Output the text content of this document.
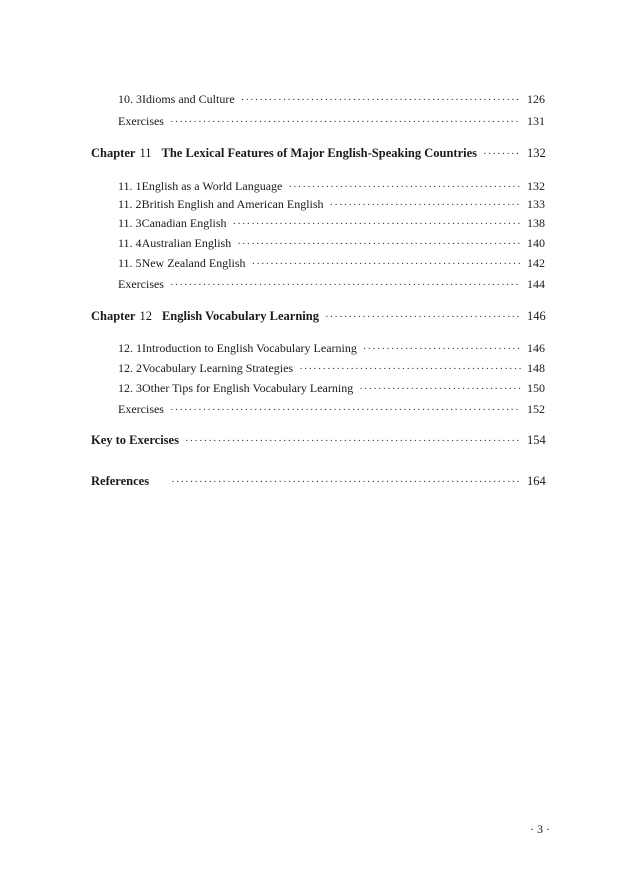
10. 3 Idioms and Culture ·····	126
Exercises ·····	131
Chapter 11 The Lexical Features of Major English-Speaking Countries ·····	132
11. 1 English as a World Language ·····	132
11. 2 British English and American English ·····	133
11. 3 Canadian English ·····	138
11. 4 Australian English ·····	140
11. 5 New Zealand English ·····	142
Exercises ·····	144
Chapter 12 English Vocabulary Learning ·····	146
12. 1 Introduction to English Vocabulary Learning ·····	146
12. 2 Vocabulary Learning Strategies ·····	148
12. 3 Other Tips for English Vocabulary Learning ·····	150
Exercises ·····	152
Key to Exercises ·····	154
References ·····	164
· 3 ·
